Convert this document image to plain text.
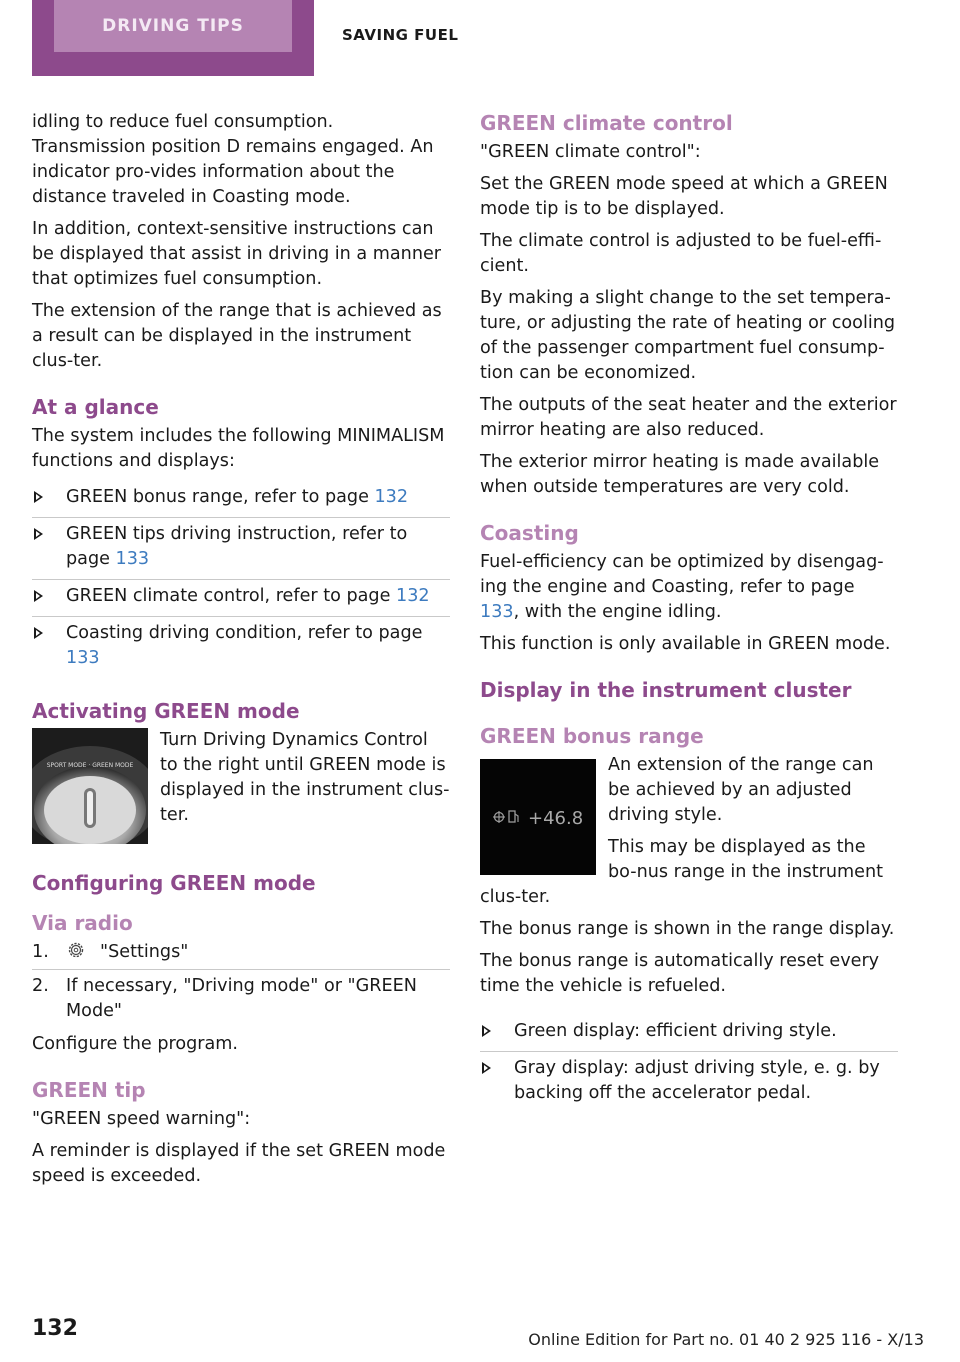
DRIVING TIPS	SAVING FUEL

idling to reduce fuel consumption. Transmission position D remains engaged. An indicator pro-vides information about the distance traveled in Coasting mode.

In addition, context-sensitive instructions can be displayed that assist in driving in a manner that optimizes fuel consumption.

The extension of the range that is achieved as a result can be displayed in the instrument clus-ter.

At a glance

The system includes the following MINIMALISM functions and displays:

GREEN bonus range, refer to page 132
GREEN tips driving instruction, refer to page 133
GREEN climate control, refer to page 132
Coasting driving condition, refer to page 133
Activating GREEN mode
SPORT MODE · GREEN MODE

Turn Driving Dynamics Control to the right until GREEN mode is displayed in the instrument clus-ter.

Configuring GREEN mode
Via radio
1.	"Settings"
2. If necessary, "Driving mode" or "GREEN Mode"

Configure the program.

GREEN tip

"GREEN speed warning":

A reminder is displayed if the set GREEN mode speed is exceeded.

GREEN climate control

"GREEN climate control":

Set the GREEN mode speed at which a GREEN mode tip is to be displayed.

The climate control is adjusted to be fuel-effi-cient.

By making a slight change to the set tempera-ture, or adjusting the rate of heating or cooling of the passenger compartment fuel consump-tion can be economized.

The outputs of the seat heater and the exterior mirror heating are also reduced.

The exterior mirror heating is made available when outside temperatures are very cold.

Coasting

Fuel-efficiency can be optimized by disengag-ing the engine and Coasting, refer to page 133, with the engine idling.

This function is only available in GREEN mode.

Display in the instrument cluster
GREEN bonus range
+46.8

An extension of the range can be achieved by an adjusted driving style.

This may be displayed as the bo-nus range in the instrument clus-ter.

The bonus range is shown in the range display.

The bonus range is automatically reset every time the vehicle is refueled.

Green display: efficient driving style.
Gray display: adjust driving style, e. g. by backing off the accelerator pedal.
132	Online Edition for Part no. 01 40 2 925 116 - X/13
